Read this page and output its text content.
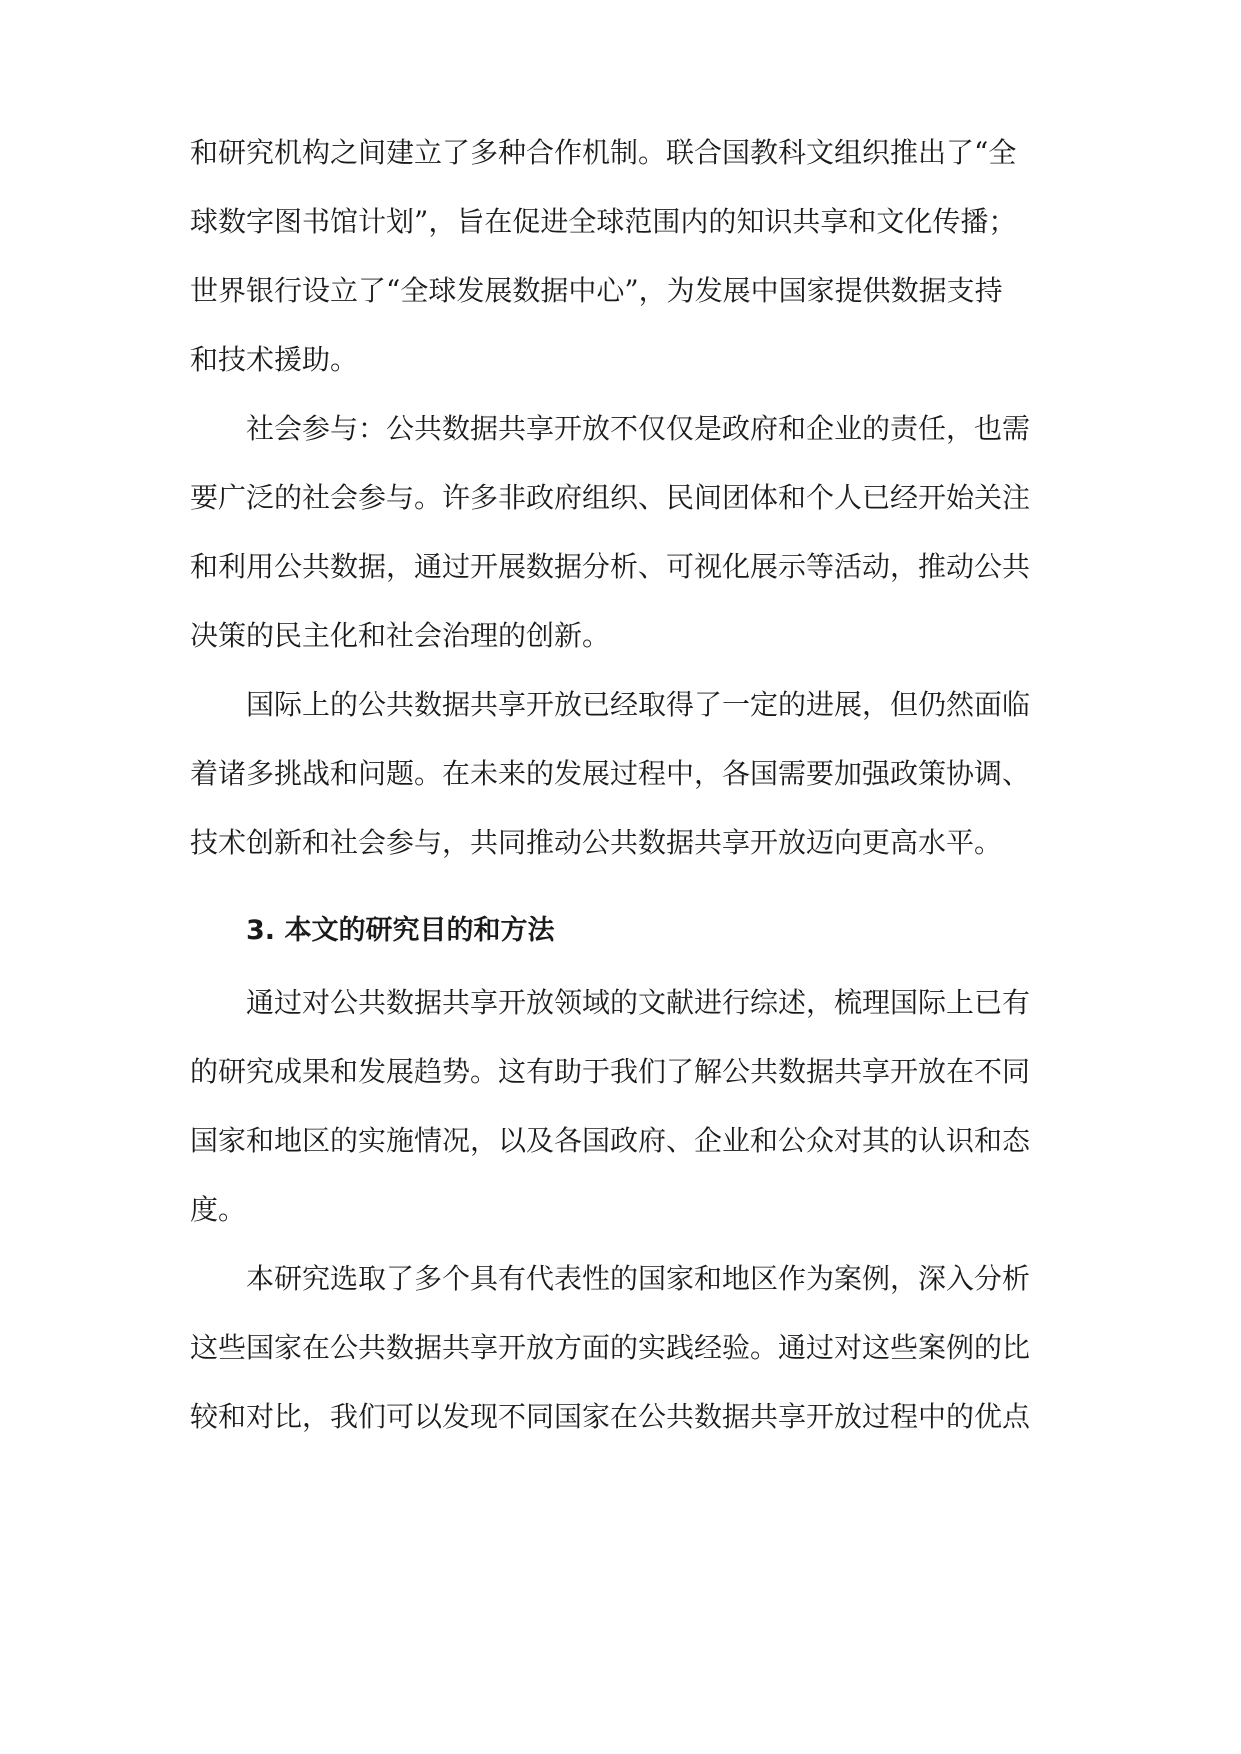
和研究机构之间建立了多种合作机制。联合国教科文组织推出了“全
球数字图书馆计划”，旨在促进全球范围内的知识共享和文化传播；
世界银行设立了“全球发展数据中心”，为发展中国家提供数据支持
和技术援助。
社会参与：公共数据共享开放不仅仅是政府和企业的责任，也需
要广泛的社会参与。许多非政府组织、民间团体和个人已经开始关注
和利用公共数据，通过开展数据分析、可视化展示等活动，推动公共
决策的民主化和社会治理的创新。
国际上的公共数据共享开放已经取得了一定的进展，但仍然面临
着诸多挑战和问题。在未来的发展过程中，各国需要加强政策协调、
技术创新和社会参与，共同推动公共数据共享开放迈向更高水平。
3. 本文的研究目的和方法
通过对公共数据共享开放领域的文献进行综述，梳理国际上已有
的研究成果和发展趋势。这有助于我们了解公共数据共享开放在不同
国家和地区的实施情况，以及各国政府、企业和公众对其的认识和态
度。
本研究选取了多个具有代表性的国家和地区作为案例，深入分析
这些国家在公共数据共享开放方面的实践经验。通过对这些案例的比
较和对比，我们可以发现不同国家在公共数据共享开放过程中的优点
